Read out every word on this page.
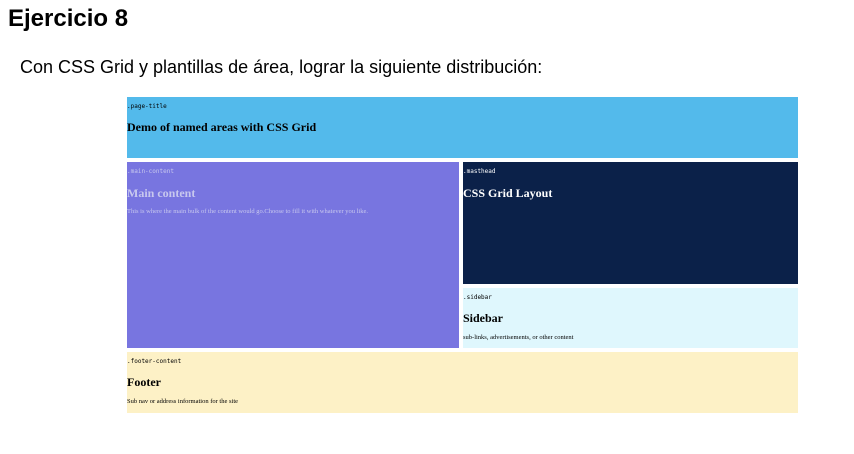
Ejercicio 8

Con CSS Grid y plantillas de área, lograr la siguiente distribución:

.page-title
Demo of named areas with CSS Grid
.main-content
Main content

This is where the main bulk of the content would go.Choose to fill it with whatever you like.

.masthead
CSS Grid Layout
.sidebar
Sidebar

sub-links, advertisements, or other content

.footer-content
Footer

Sub nav or address information for the site
